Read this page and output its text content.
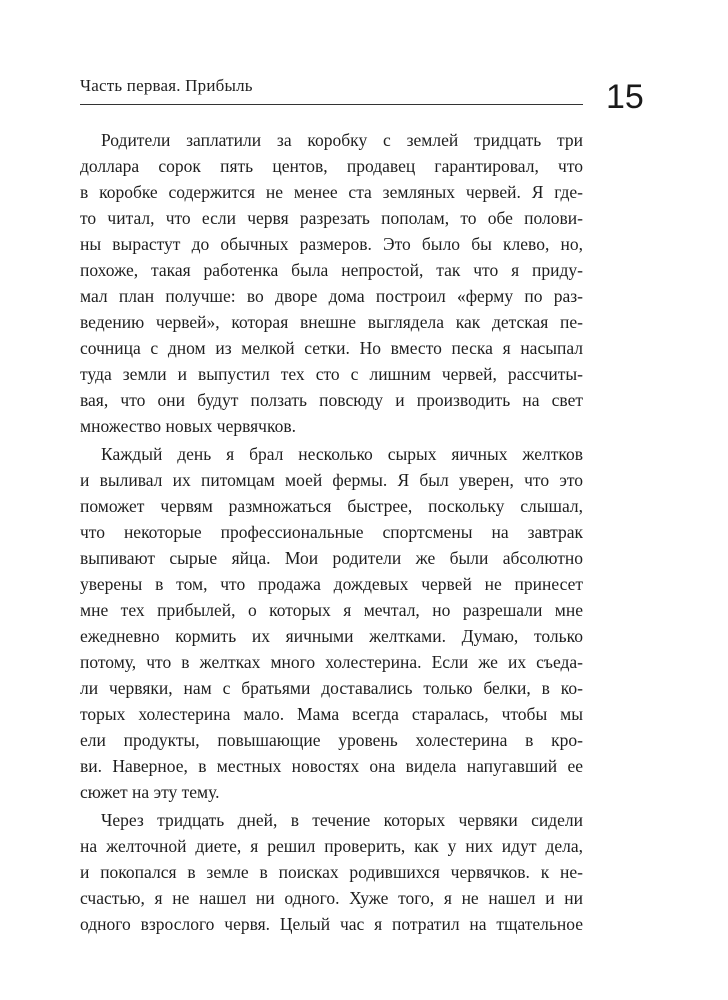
Часть первая. Прибыль	15
Родители заплатили за коробку с землей тридцать три
доллара сорок пять центов, продавец гарантировал, что
в коробке содержится не менее ста земляных червей. Я где-
то читал, что если червя разрезать пополам, то обе полови-
ны вырастут до обычных размеров. Это было бы клево, но,
похоже, такая работенка была непростой, так что я приду-
мал план получше: во дворе дома построил «ферму по раз-
ведению червей», которая внешне выглядела как детская пе-
сочница с дном из мелкой сетки. Но вместо песка я насыпал
туда земли и выпустил тех сто с лишним червей, рассчиты-
вая, что они будут ползать повсюду и производить на свет
множество новых червячков.
Каждый день я брал несколько сырых яичных желтков
и выливал их питомцам моей фермы. Я был уверен, что это
поможет червям размножаться быстрее, поскольку слышал,
что некоторые профессиональные спортсмены на завтрак
выпивают сырые яйца. Мои родители же были абсолютно
уверены в том, что продажа дождевых червей не принесет
мне тех прибылей, о которых я мечтал, но разрешали мне
ежедневно кормить их яичными желтками. Думаю, только
потому, что в желтках много холестерина. Если же их съеда-
ли червяки, нам с братьями доставались только белки, в ко-
торых холестерина мало. Мама всегда старалась, чтобы мы
ели продукты, повышающие уровень холестерина в кро-
ви. Наверное, в местных новостях она видела напугавший ее
сюжет на эту тему.
Через тридцать дней, в течение которых червяки сидели
на желточной диете, я решил проверить, как у них идут дела,
и покопался в земле в поисках родившихся червячков. к не-
счастью, я не нашел ни одного. Хуже того, я не нашел и ни
одного взрослого червя. Целый час я потратил на тщательное
